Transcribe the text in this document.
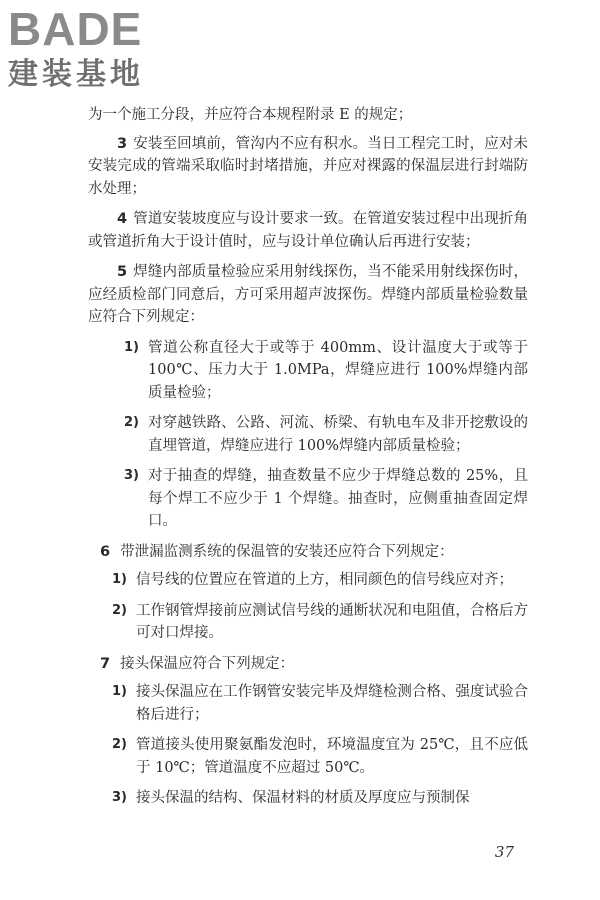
BADE
建装基地

为一个施工分段，并应符合本规程附录 E 的规定；

3 安装至回填前，管沟内不应有积水。当日工程完工时，应对未安装完成的管端采取临时封堵措施，并应对裸露的保温层进行封端防水处理；

4 管道安装坡度应与设计要求一致。在管道安装过程中出现折角或管道折角大于设计值时，应与设计单位确认后再进行安装；

5 焊缝内部质量检验应采用射线探伤，当不能采用射线探伤时，应经质检部门同意后，方可采用超声波探伤。焊缝内部质量检验数量应符合下列规定：

1) 管道公称直径大于或等于 400mm、设计温度大于或等于 100℃、压力大于 1.0MPa，焊缝应进行 100%焊缝内部质量检验；
2) 对穿越铁路、公路、河流、桥梁、有轨电车及非开挖敷设的直埋管道，焊缝应进行 100%焊缝内部质量检验；
3) 对于抽查的焊缝，抽查数量不应少于焊缝总数的 25%，且每个焊工不应少于 1 个焊缝。抽查时，应侧重抽查固定焊口。

6 带泄漏监测系统的保温管的安装还应符合下列规定：

1) 信号线的位置应在管道的上方，相同颜色的信号线应对齐；
2) 工作钢管焊接前应测试信号线的通断状况和电阻值，合格后方可对口焊接。

7 接头保温应符合下列规定：

1) 接头保温应在工作钢管安装完毕及焊缝检测合格、强度试验合格后进行；
2) 管道接头使用聚氨酯发泡时，环境温度宜为 25℃，且不应低于 10℃；管道温度不应超过 50℃。
3) 接头保温的结构、保温材料的材质及厚度应与预制保
37
